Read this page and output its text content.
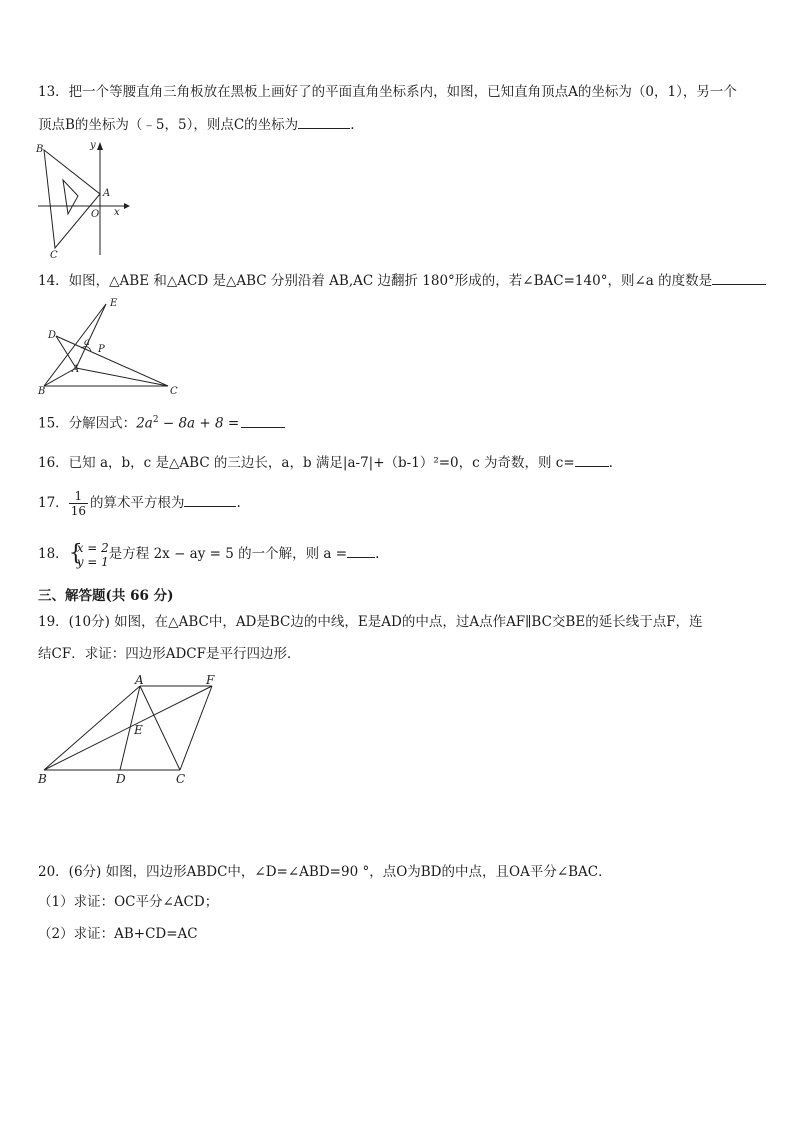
13．把一个等腰直角三角板放在黑板上画好了的平面直角坐标系内，如图，已知直角顶点A的坐标为（0，1），另一个
顶点B的坐标为（﹣5，5），则点C的坐标为	.
B
C
A
O x
y
14．如图，△ABE 和△ACD 是△ABC 分别沿着 AB,AC 边翻折 180°形成的，若∠BAC=140°，则∠a 的度数是
E
D
a
P
A
B	C
15．分解因式：$2a^2 - 8a + 8$ =
16．已知 a，b，c 是△ABC 的三边长，a，b 满足|a-7|+（b-1）²=0，c 为奇数，则 c=	.
17． $\frac{1}{16}$ 的算术平方根为	.
18． {
x = 2
y = 1 是方程 2x − ay = 5 的一个解，则 a = .
三、解答题(共 66 分)
19．(10分) 如图，在△ABC中，AD是BC边的中线，E是AD的中点，过A点作AF∥BC交BE的延长线于点F，连
结CF．求证：四边形ADCF是平行四边形．
A	F
E
B	D	C
20．(6分) 如图，四边形ABDC中，∠D=∠ABD=90 °，点O为BD的中点，且OA平分∠BAC．
（1）求证：OC平分∠ACD；
（2）求证：AB+CD=AC
